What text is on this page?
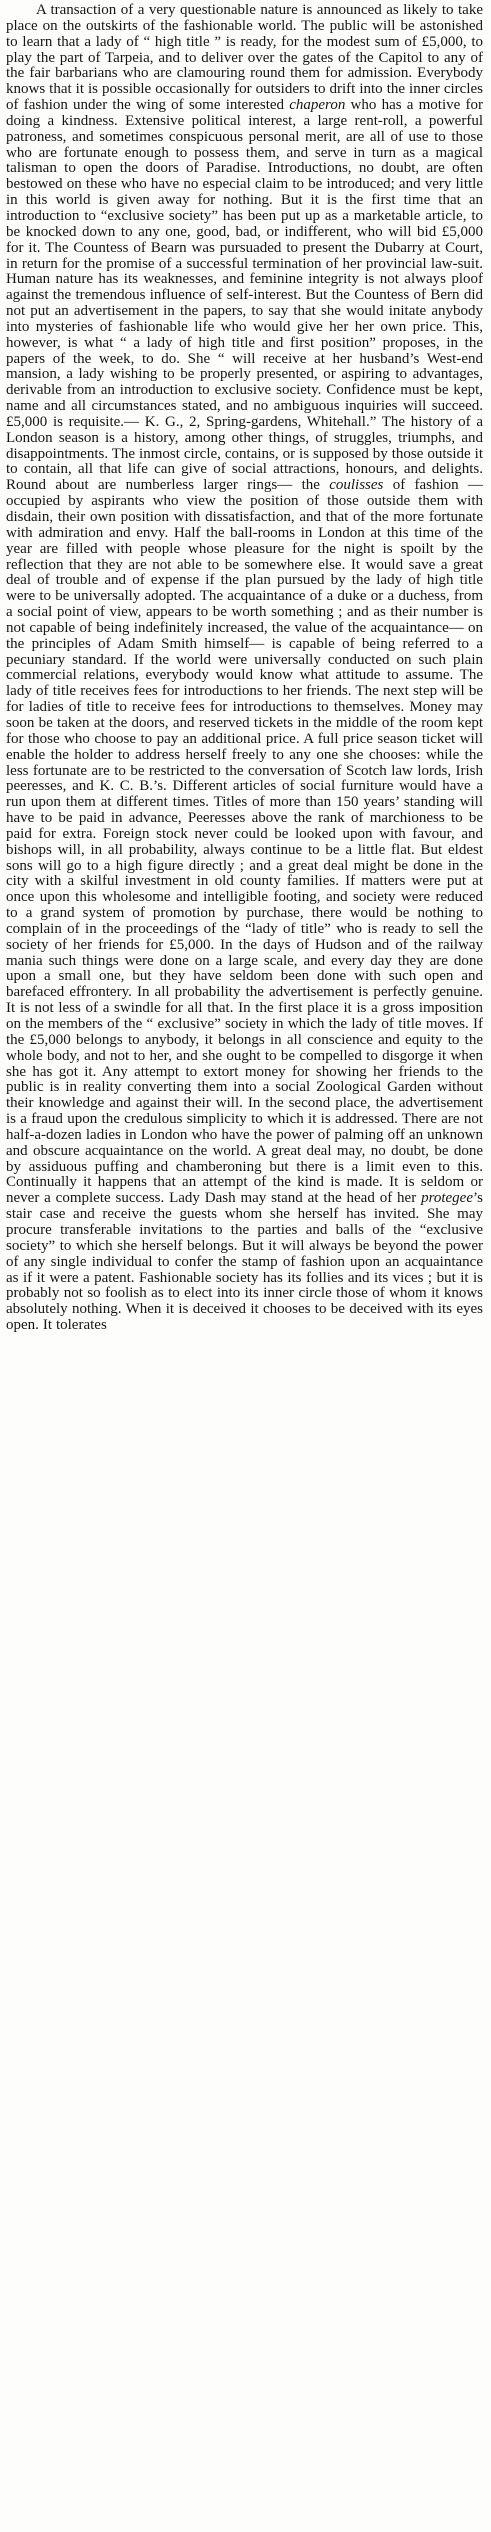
A transaction of a very questionable nature is announced as likely to take place on the outskirts of the fashionable world. The public will be astonished to learn that a lady of “ high title ” is ready, for the modest sum of £5,000, to play the part of Tarpeia, and to deliver over the gates of the Capitol to any of the fair barbarians who are clamouring round them for admission. Everybody knows that it is possible occasionally for outsiders to drift into the inner circles of fashion under the wing of some interested chaperon who has a motive for doing a kindness. Extensive political interest, a large rent-roll, a powerful patroness, and sometimes conspicuous personal merit, are all of use to those who are fortunate enough to possess them, and serve in turn as a magical talisman to open the doors of Paradise. Introductions, no doubt, are often bestowed on these who have no especial claim to be introduced; and very little in this world is given away for nothing. But it is the first time that an introduction to “exclusive society” has been put up as a marketable article, to be knocked down to any one, good, bad, or indifferent, who will bid £5,000 for it. The Countess of Bearn was pursuaded to present the Dubarry at Court, in return for the promise of a successful termination of her provincial law-suit. Human nature has its weaknesses, and feminine integrity is not always ploof against the tremendous influence of self-interest. But the Countess of Bern did not put an advertisement in the papers, to say that she would initate anybody into mysteries of fashionable life who would give her her own price. This, however, is what “ a lady of high title and first position” proposes, in the papers of the week, to do. She “ will receive at her husband’s West-end mansion, a lady wishing to be properly presented, or aspiring to advantages, derivable from an introduction to exclusive society. Confidence must be kept, name and all circumstances stated, and no ambiguous inquiries will succeed. £5,000 is requisite.— K. G., 2, Spring-gardens, Whitehall.” The history of a London season is a history, among other things, of struggles, triumphs, and disappointments. The inmost circle, contains, or is supposed by those outside it to contain, all that life can give of social attractions, honours, and delights. Round about are numberless larger rings— the coulisses of fashion —occupied by aspirants who view the position of those outside them with disdain, their own position with dissatisfaction, and that of the more fortunate with admiration and envy. Half the ball-rooms in London at this time of the year are filled with people whose pleasure for the night is spoilt by the reflection that they are not able to be somewhere else. It would save a great deal of trouble and of expense if the plan pursued by the lady of high title were to be universally adopted. The acquaintance of a duke or a duchess, from a social point of view, appears to be worth something ; and as their number is not capable of being indefinitely increased, the value of the acquaintance— on the principles of Adam Smith himself— is capable of being referred to a pecuniary standard. If the world were universally conducted on such plain commercial relations, everybody would know what attitude to assume. The lady of title receives fees for introductions to her friends. The next step will be for ladies of title to receive fees for introductions to themselves. Money may soon be taken at the doors, and reserved tickets in the middle of the room kept for those who choose to pay an additional price. A full price season ticket will enable the holder to address herself freely to any one she chooses: while the less fortunate are to be restricted to the conversation of Scotch law lords, Irish peeresses, and K. C. B.’s. Different articles of social furniture would have a run upon them at different times. Titles of more than 150 years’ standing will have to be paid in advance, Peeresses above the rank of marchioness to be paid for extra. Foreign stock never could be looked upon with favour, and bishops will, in all probability, always continue to be a little flat. But eldest sons will go to a high figure directly ; and a great deal might be done in the city with a skilful investment in old county families. If matters were put at once upon this wholesome and intelligible footing, and society were reduced to a grand system of promotion by purchase, there would be nothing to complain of in the proceedings of the “lady of title” who is ready to sell the society of her friends for £5,000. In the days of Hudson and of the railway mania such things were done on a large scale, and every day they are done upon a small one, but they have seldom been done with such open and barefaced effrontery. In all probability the advertisement is perfectly genuine. It is not less of a swindle for all that. In the first place it is a gross imposition on the members of the “ exclusive” society in which the lady of title moves. If the £5,000 belongs to anybody, it belongs in all conscience and equity to the whole body, and not to her, and she ought to be compelled to disgorge it when she has got it. Any attempt to extort money for showing her friends to the public is in reality converting them into a social Zoological Garden without their knowledge and against their will. In the second place, the advertisement is a fraud upon the credulous simplicity to which it is addressed. There are not half-a-dozen ladies in London who have the power of palming off an unknown and obscure acquaintance on the world. A great deal may, no doubt, be done by assiduous puffing and chamberoning but there is a limit even to this. Continually it happens that an attempt of the kind is made. It is seldom or never a complete success. Lady Dash may stand at the head of her protegee’s stair case and receive the guests whom she herself has invited. She may procure transferable invitations to the parties and balls of the “exclusive society” to which she herself belongs. But it will always be beyond the power of any single individual to confer the stamp of fashion upon an acquaintance as if it were a patent. Fashionable society has its follies and its vices ; but it is probably not so foolish as to elect into its inner circle those of whom it knows absolutely nothing. When it is deceived it chooses to be deceived with its eyes open. It tolerates
